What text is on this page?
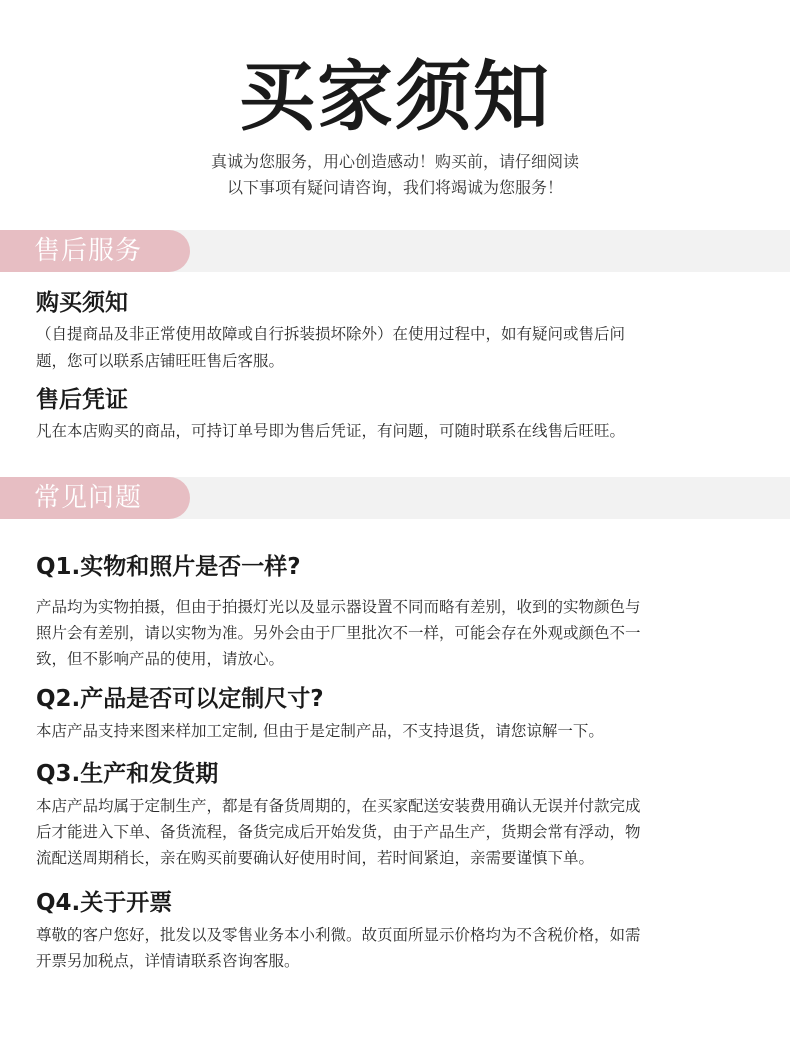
买家须知
真诚为您服务，用心创造感动！购买前，请仔细阅读
以下事项有疑问请咨询，我们将竭诚为您服务！
售后服务
购买须知
（自提商品及非正常使用故障或自行拆装损坏除外）在使用过程中，如有疑问或售后问
题，您可以联系店铺旺旺售后客服。
售后凭证
凡在本店购买的商品，可持订单号即为售后凭证，有问题，可随时联系在线售后旺旺。
常见问题
Q1.实物和照片是否一样?
产品均为实物拍摄，但由于拍摄灯光以及显示器设置不同而略有差别，收到的实物颜色与
照片会有差别，请以实物为准。另外会由于厂里批次不一样，可能会存在外观或颜色不一
致，但不影响产品的使用，请放心。
Q2.产品是否可以定制尺寸?
本店产品支持来图来样加工定制, 但由于是定制产品，不支持退货，请您谅解一下。
Q3.生产和发货期
本店产品均属于定制生产，都是有备货周期的，在买家配送安装费用确认无误并付款完成
后才能进入下单、备货流程，备货完成后开始发货，由于产品生产，货期会常有浮动，物
流配送周期稍长，亲在购买前要确认好使用时间，若时间紧迫，亲需要谨慎下单。
Q4.关于开票
尊敬的客户您好，批发以及零售业务本小利微。故页面所显示价格均为不含税价格，如需
开票另加税点，详情请联系咨询客服。
